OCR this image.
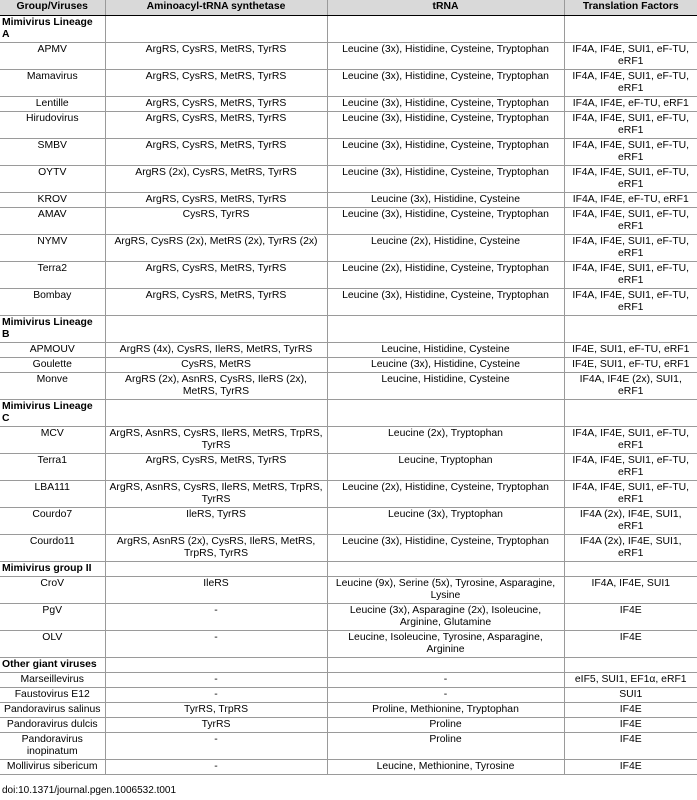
Group/Viruses	Aminoacyl-tRNA synthetase	tRNA	Translation Factors
Mimivirus Lineage A			
APMV	ArgRS, CysRS, MetRS, TyrRS	Leucine (3x), Histidine, Cysteine, Tryptophan	IF4A, IF4E, SUI1, eF-TU, eRF1
Mamavirus	ArgRS, CysRS, MetRS, TyrRS	Leucine (3x), Histidine, Cysteine, Tryptophan	IF4A, IF4E, SUI1, eF-TU, eRF1
Lentille	ArgRS, CysRS, MetRS, TyrRS	Leucine (3x), Histidine, Cysteine, Tryptophan	IF4A, IF4E, eF-TU, eRF1
Hirudovirus	ArgRS, CysRS, MetRS, TyrRS	Leucine (3x), Histidine, Cysteine, Tryptophan	IF4A, IF4E, SUI1, eF-TU, eRF1
SMBV	ArgRS, CysRS, MetRS, TyrRS	Leucine (3x), Histidine, Cysteine, Tryptophan	IF4A, IF4E, SUI1, eF-TU, eRF1
OYTV	ArgRS (2x), CysRS, MetRS, TyrRS	Leucine (3x), Histidine, Cysteine, Tryptophan	IF4A, IF4E, SUI1, eF-TU, eRF1
KROV	ArgRS, CysRS, MetRS, TyrRS	Leucine (3x), Histidine, Cysteine	IF4A, IF4E, eF-TU, eRF1
AMAV	CysRS, TyrRS	Leucine (3x), Histidine, Cysteine, Tryptophan	IF4A, IF4E, SUI1, eF-TU, eRF1
NYMV	ArgRS, CysRS (2x), MetRS (2x), TyrRS (2x)	Leucine (2x), Histidine, Cysteine	IF4A, IF4E, SUI1, eF-TU, eRF1
Terra2	ArgRS, CysRS, MetRS, TyrRS	Leucine (2x), Histidine, Cysteine, Tryptophan	IF4A, IF4E, SUI1, eF-TU, eRF1
Bombay	ArgRS, CysRS, MetRS, TyrRS	Leucine (3x), Histidine, Cysteine, Tryptophan	IF4A, IF4E, SUI1, eF-TU, eRF1
Mimivirus Lineage B			
APMOUV	ArgRS (4x), CysRS, IleRS, MetRS, TyrRS	Leucine, Histidine, Cysteine	IF4E, SUI1, eF-TU, eRF1
Goulette	CysRS, MetRS	Leucine (3x), Histidine, Cysteine	IF4E, SUI1, eF-TU, eRF1
Monve	ArgRS (2x), AsnRS, CysRS, IleRS (2x), MetRS, TyrRS	Leucine, Histidine, Cysteine	IF4A, IF4E (2x), SUI1, eRF1
Mimivirus Lineage C			
MCV	ArgRS, AsnRS, CysRS, IleRS, MetRS, TrpRS, TyrRS	Leucine (2x), Tryptophan	IF4A, IF4E, SUI1, eF-TU, eRF1
Terra1	ArgRS, CysRS, MetRS, TyrRS	Leucine, Tryptophan	IF4A, IF4E, SUI1, eF-TU, eRF1
LBA111	ArgRS, AsnRS, CysRS, IleRS, MetRS, TrpRS, TyrRS	Leucine (2x), Histidine, Cysteine, Tryptophan	IF4A, IF4E, SUI1, eF-TU, eRF1
Courdo7	IleRS, TyrRS	Leucine (3x), Tryptophan	IF4A (2x), IF4E, SUI1, eRF1
Courdo11	ArgRS, AsnRS (2x), CysRS, IleRS, MetRS, TrpRS, TyrRS	Leucine (3x), Histidine, Cysteine, Tryptophan	IF4A (2x), IF4E, SUI1, eRF1
Mimivirus group II			
CroV	IleRS	Leucine (9x), Serine (5x), Tyrosine, Asparagine, Lysine	IF4A, IF4E, SUI1
PgV	-	Leucine (3x), Asparagine (2x), Isoleucine, Arginine, Glutamine	IF4E
OLV	-	Leucine, Isoleucine, Tyrosine, Asparagine, Arginine	IF4E
Other giant viruses			
Marseillevirus	-	-	eIF5, SUI1, EF1α, eRF1
Faustovirus E12	-	-	SUI1
Pandoravirus salinus	TyrRS, TrpRS	Proline, Methionine, Tryptophan	IF4E
Pandoravirus dulcis	TyrRS	Proline	IF4E
Pandoravirus inopinatum	-	Proline	IF4E
Mollivirus sibericum	-	Leucine, Methionine, Tyrosine	IF4E
doi:10.1371/journal.pgen.1006532.t001
